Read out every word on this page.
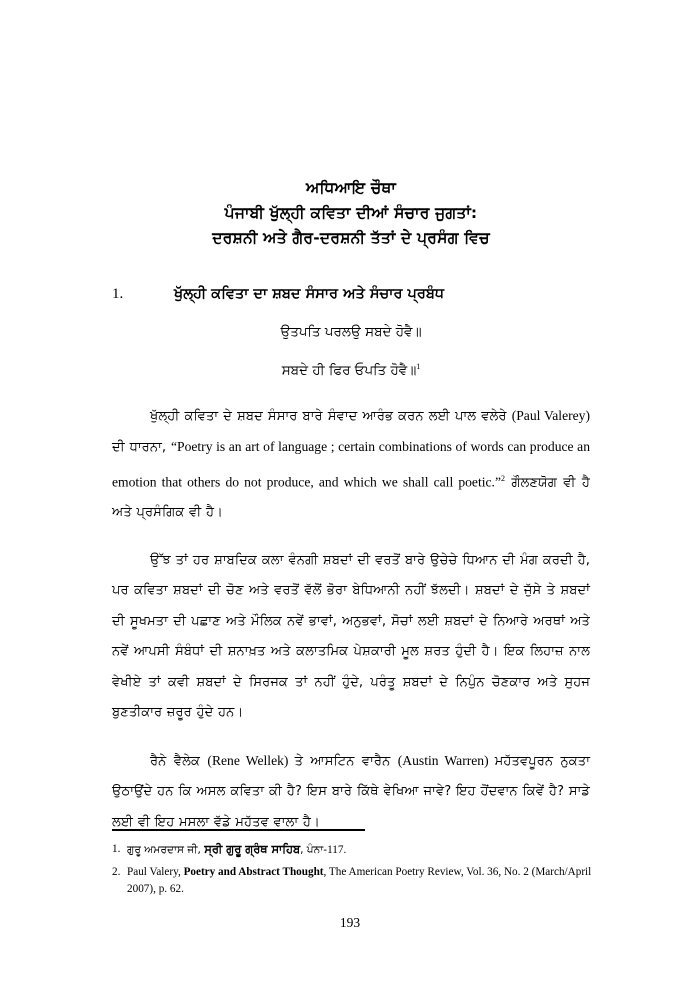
ਅਧਿਆਇ ਚੌਥਾ
ਪੰਜਾਬੀ ਖੁੱਲ੍ਹੀ ਕਵਿਤਾ ਦੀਆਂ ਸੰਚਾਰ ਜੁਗਤਾਂ:
ਦਰਸ਼ਨੀ ਅਤੇ ਗੈਰ-ਦਰਸ਼ਨੀ ਤੱਤਾਂ ਦੇ ਪ੍ਰਸੰਗ ਵਿਚ
1.	ਖੁੱਲ੍ਹੀ ਕਵਿਤਾ ਦਾ ਸ਼ਬਦ ਸੰਸਾਰ ਅਤੇ ਸੰਚਾਰ ਪ੍ਰਬੰਧ
ਉਤਪਤਿ ਪਰਲਉ ਸਬਦੇ ਹੋਵੈ॥
ਸਬਦੇ ਹੀ ਫਿਰ ਓਪਤਿ ਹੋਵੈ॥$^1$
ਖੁੱਲ੍ਹੀ ਕਵਿਤਾ ਦੇ ਸ਼ਬਦ ਸੰਸਾਰ ਬਾਰੇ ਸੰਵਾਦ ਆਰੰਭ ਕਰਨ ਲਈ ਪਾਲ ਵਲੇਰੇ (Paul Valerey) ਦੀ ਧਾਰਨਾ, “Poetry is an art of language ; certain combinations of words can produce an emotion that others do not produce, and which we shall call poetic.”$^2$ ਗੌਲਣਯੋਗ ਵੀ ਹੈ ਅਤੇ ਪ੍ਰਸੰਗਿਕ ਵੀ ਹੈ।
ਉੱਝ ਤਾਂ ਹਰ ਸ਼ਾਬਦਿਕ ਕਲਾ ਵੰਨਗੀ ਸ਼ਬਦਾਂ ਦੀ ਵਰਤੋਂ ਬਾਰੇ ਉਚੇਚੇ ਧਿਆਨ ਦੀ ਮੰਗ ਕਰਦੀ ਹੈ, ਪਰ ਕਵਿਤਾ ਸ਼ਬਦਾਂ ਦੀ ਚੋਣ ਅਤੇ ਵਰਤੋਂ ਵੱਲੋਂ ਭੋਰਾ ਬੇਧਿਆਨੀ ਨਹੀਂ ਝੱਲਦੀ। ਸ਼ਬਦਾਂ ਦੇ ਜੁੱਸੇ ਤੇ ਸ਼ਬਦਾਂ ਦੀ ਸੂਖਮਤਾ ਦੀ ਪਛਾਣ ਅਤੇ ਮੌਲਿਕ ਨਵੇਂ ਭਾਵਾਂ, ਅਨੁਭਵਾਂ, ਸੋਚਾਂ ਲਈ ਸ਼ਬਦਾਂ ਦੇ ਨਿਆਰੇ ਅਰਥਾਂ ਅਤੇ ਨਵੇਂ ਆਪਸੀ ਸੰਬੰਧਾਂ ਦੀ ਸ਼ਨਾਖ਼ਤ ਅਤੇ ਕਲਾਤਮਿਕ ਪੇਸ਼ਕਾਰੀ ਮੂਲ ਸ਼ਰਤ ਹੁੰਦੀ ਹੈ। ਇਕ ਲਿਹਾਜ਼ ਨਾਲ ਵੇਖੀਏ ਤਾਂ ਕਵੀ ਸ਼ਬਦਾਂ ਦੇ ਸਿਰਜਕ ਤਾਂ ਨਹੀਂ ਹੁੰਦੇ, ਪਰੰਤੂ ਸ਼ਬਦਾਂ ਦੇ ਨਿਪੁੰਨ ਚੋਣਕਾਰ ਅਤੇ ਸੁਹਜ ਬੁਣਤੀਕਾਰ ਜ਼ਰੂਰ ਹੁੰਦੇ ਹਨ।
ਰੈਨੇ ਵੈਲੇਕ (Rene Wellek) ਤੇ ਆਸਟਿਨ ਵਾਰੈਨ (Austin Warren) ਮਹੱਤਵਪੂਰਨ ਨੁਕਤਾ ਉਠਾਉਂਦੇ ਹਨ ਕਿ ਅਸਲ ਕਵਿਤਾ ਕੀ ਹੈ? ਇਸ ਬਾਰੇ ਕਿੱਥੇ ਵੇਖਿਆ ਜਾਵੇ? ਇਹ ਹੋਂਦਵਾਨ ਕਿਵੇਂ ਹੈ? ਸਾਡੇ ਲਈ ਵੀ ਇਹ ਮਸਲਾ ਵੱਡੇ ਮਹੱਤਵ ਵਾਲਾ ਹੈ।
1. ਗੁਰੂ ਅਮਰਦਾਸ ਜੀ, ਸ੍ਰੀ ਗੁਰੂ ਗ੍ਰੰਥ ਸਾਹਿਬ, ਪੰਨਾ-117.
2. Paul Valery, Poetry and Abstract Thought, The American Poetry Review, Vol. 36, No. 2 (March/April 2007), p. 62.
193
